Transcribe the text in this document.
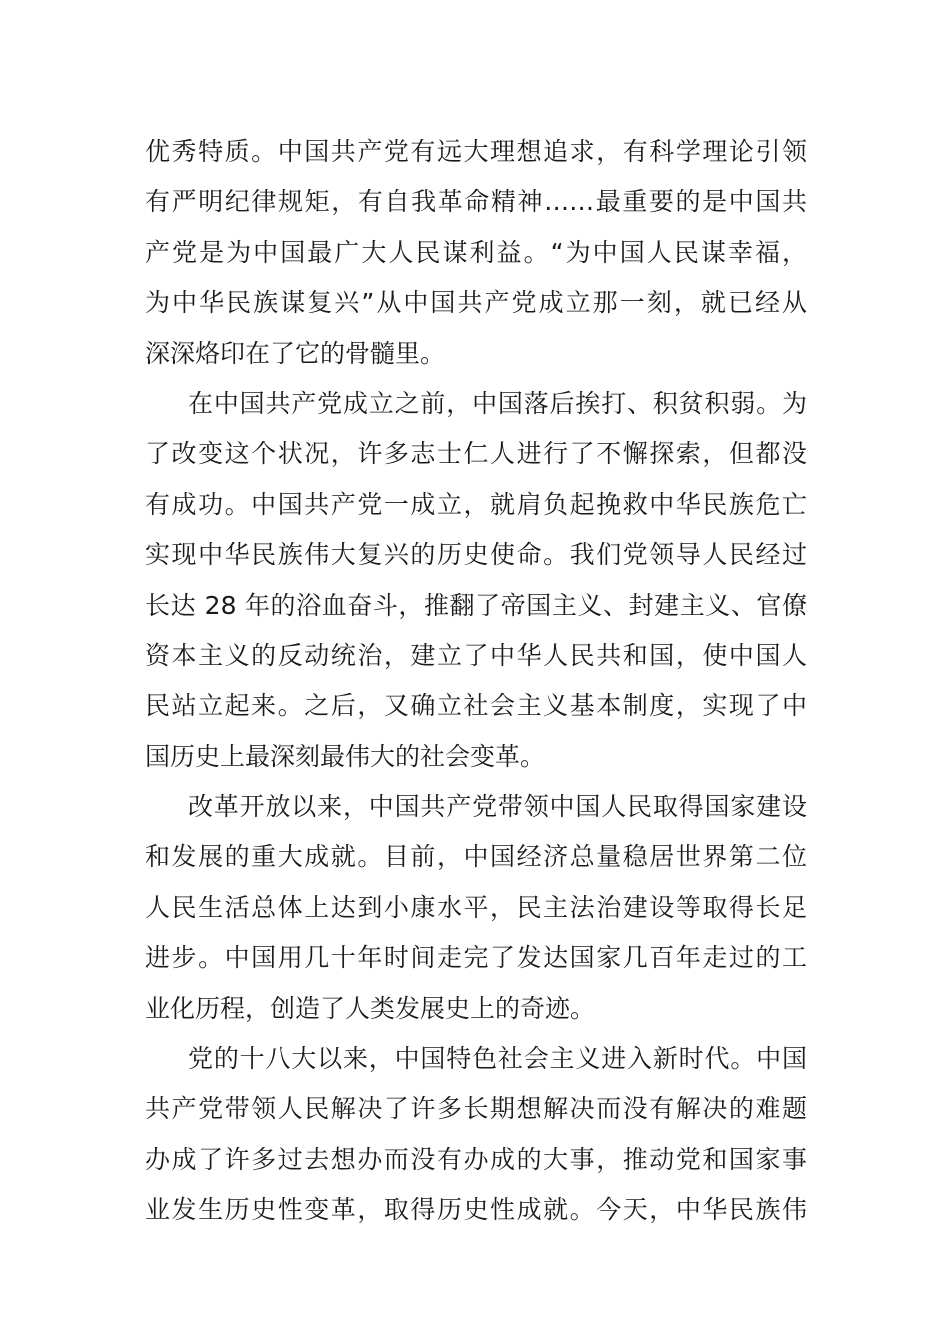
优秀特质。中国共产党有远大理想追求，有科学理论引领
有严明纪律规矩，有自我革命精神……最重要的是中国共
产党是为中国最广大人民谋利益。“为中国人民谋幸福，
为中华民族谋复兴”从中国共产党成立那一刻，就已经从
深深烙印在了它的骨髓里。
在中国共产党成立之前，中国落后挨打、积贫积弱。为
了改变这个状况，许多志士仁人进行了不懈探索，但都没
有成功。中国共产党一成立，就肩负起挽救中华民族危亡
实现中华民族伟大复兴的历史使命。我们党领导人民经过
长达 28 年的浴血奋斗，推翻了帝国主义、封建主义、官僚
资本主义的反动统治，建立了中华人民共和国，使中国人
民站立起来。之后，又确立社会主义基本制度，实现了中
国历史上最深刻最伟大的社会变革。
改革开放以来，中国共产党带领中国人民取得国家建设
和发展的重大成就。目前，中国经济总量稳居世界第二位
人民生活总体上达到小康水平，民主法治建设等取得长足
进步。中国用几十年时间走完了发达国家几百年走过的工
业化历程，创造了人类发展史上的奇迹。
党的十八大以来，中国特色社会主义进入新时代。中国
共产党带领人民解决了许多长期想解决而没有解决的难题
办成了许多过去想办而没有办成的大事，推动党和国家事
业发生历史性变革，取得历史性成就。今天，中华民族伟
